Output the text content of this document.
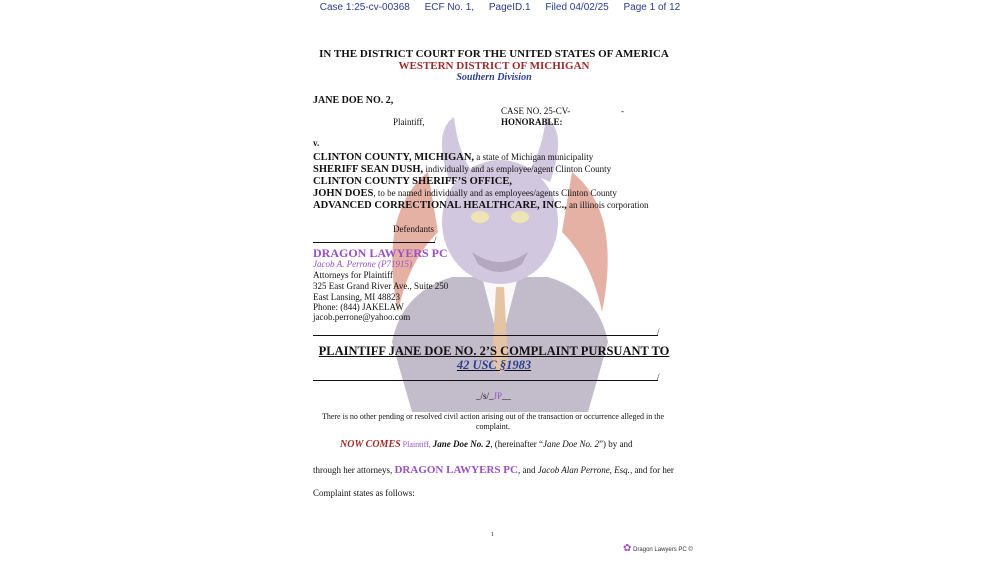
Case 1:25-cv-00368 ECF No. 1, PageID.1 Filed 04/02/25 Page 1 of 12
IN THE DISTRICT COURT FOR THE UNITED STATES OF AMERICA
WESTERN DISTRICT OF MICHIGAN
Southern Division
JANE DOE NO. 2,
CASE NO. 25-CV-	-
Plaintiff,	HONORABLE:
v.
CLINTON COUNTY, MICHIGAN, a state of Michigan municipality
SHERIFF SEAN DUSH, individually and as employee/agent Clinton County
CLINTON COUNTY SHERIFF’S OFFICE,
JOHN DOES, to be named individually and as employees/agents Clinton County
ADVANCED CORRECTIONAL HEALTHCARE, INC., an illinois corporation
Defendants
/
DRAGON LAWYERS PC
Jacob A. Perrone (P71915)
Attorneys for Plaintiff
325 East Grand River Ave., Suite 250
East Lansing, MI 48823
Phone: (844) JAKELAW
jacob.perrone@yahoo.com
/
PLAINTIFF JANE DOE NO. 2’S COMPLAINT PURSUANT TO 42 USC §1983
/
_/s/_JP__
There is no other pending or resolved civil action arising out of the transaction or occurrence alleged in the complaint.
NOW COMES Plaintiff, Jane Doe No. 2, (hereinafter “Jane Doe No. 2”) by and
through her attorneys, DRAGON LAWYERS PC, and Jacob Alan Perrone, Esq., and for her
Complaint states as follows:
1
✿ Dragon Lawyers PC ©
